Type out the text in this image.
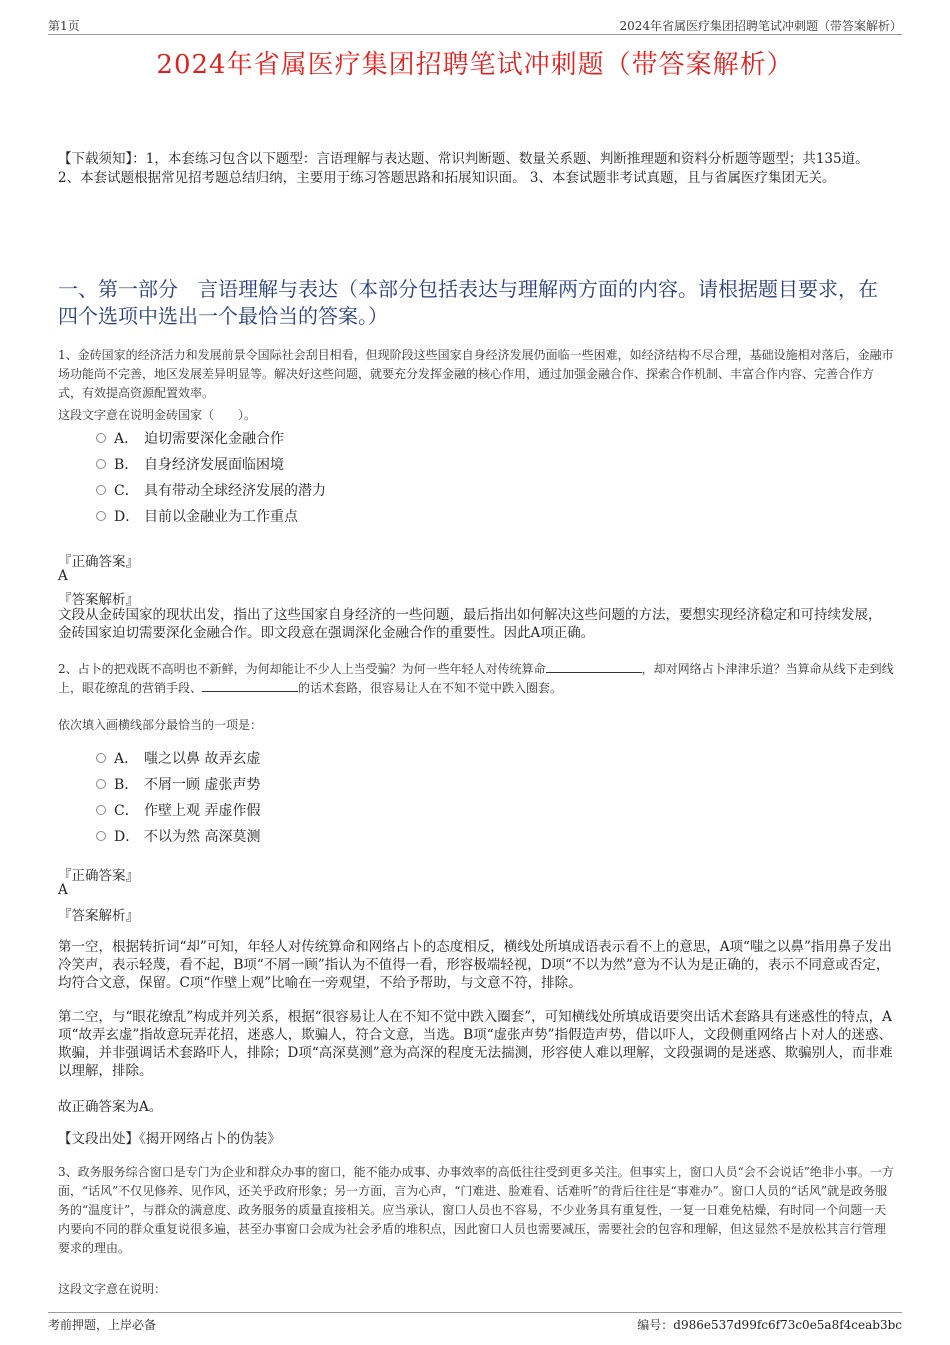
第1页	2024年省属医疗集团招聘笔试冲刺题（带答案解析）
2024年省属医疗集团招聘笔试冲刺题（带答案解析）
【下载须知】：1，本套练习包含以下题型：言语理解与表达题、常识判断题、数量关系题、判断推理题和资料分析题等题型；共135道。 2、本套试题根据常见招考题总结归纳，主要用于练习答题思路和拓展知识面。 3、本套试题非考试真题，且与省属医疗集团无关。
一、第一部分　言语理解与表达（本部分包括表达与理解两方面的内容。请根据题目要求，在四个选项中选出一个最恰当的答案。）
1、金砖国家的经济活力和发展前景令国际社会刮目相看，但现阶段这些国家自身经济发展仍面临一些困难，如经济结构不尽合理，基础设施相对落后，金融市场功能尚不完善，地区发展差异明显等。解决好这些问题，就要充分发挥金融的核心作用，通过加强金融合作、探索合作机制、丰富合作内容、完善合作方式，有效提高资源配置效率。
这段文字意在说明金砖国家（　　）。
A． 迫切需要深化金融合作
B． 自身经济发展面临困境
C． 具有带动全球经济发展的潜力
D． 目前以金融业为工作重点
『正确答案』
A
『答案解析』
文段从金砖国家的现状出发，指出了这些国家自身经济的一些问题，最后指出如何解决这些问题的方法，要想实现经济稳定和可持续发展，金砖国家迫切需要深化金融合作。即文段意在强调深化金融合作的重要性。因此A项正确。
2、占卜的把戏既不高明也不新鲜，为何却能让不少人上当受骗？为何一些年轻人对传统算命	，却对网络占卜津津乐道？当算命从线下走到线上，眼花缭乱的营销手段、	的话术套路，很容易让人在不知不觉中跌入圈套。
依次填入画横线部分最恰当的一项是：
A． 嗤之以鼻 故弄玄虚
B． 不屑一顾 虚张声势
C． 作壁上观 弄虚作假
D． 不以为然 高深莫测
『正确答案』
A
『答案解析』
第一空，根据转折词“却”可知，年轻人对传统算命和网络占卜的态度相反，横线处所填成语表示看不上的意思，A项“嗤之以鼻”指用鼻子发出冷笑声，表示轻蔑，看不起，B项“不屑一顾”指认为不值得一看，形容极端轻视，D项“不以为然”意为不认为是正确的，表示不同意或否定，均符合文意，保留。C项“作壁上观”比喻在一旁观望，不给予帮助，与文意不符，排除。
第二空，与“眼花缭乱”构成并列关系，根据“很容易让人在不知不觉中跌入圈套”，可知横线处所填成语要突出话术套路具有迷惑性的特点，A项“故弄玄虚”指故意玩弄花招，迷惑人，欺骗人，符合文意，当选。B项“虚张声势”指假造声势，借以吓人，文段侧重网络占卜对人的迷惑、欺骗，并非强调话术套路吓人，排除；D项“高深莫测”意为高深的程度无法揣测，形容使人难以理解，文段强调的是迷惑、欺骗别人，而非难以理解，排除。
故正确答案为A。
【文段出处】《揭开网络占卜的伪装》
3、政务服务综合窗口是专门为企业和群众办事的窗口，能不能办成事、办事效率的高低往往受到更多关注。但事实上，窗口人员“会不会说话”绝非小事。一方面，“话风”不仅见修养、见作风，还关乎政府形象；另一方面，言为心声，“门难进、脸难看、话难听”的背后往往是“事难办”。窗口人员的“话风”就是政务服务的“温度计”，与群众的满意度、政务服务的质量直接相关。应当承认，窗口人员也不容易，不少业务具有重复性，一复一日难免枯燥，有时同一个问题一天内要向不同的群众重复说很多遍，甚至办事窗口会成为社会矛盾的堆积点，因此窗口人员也需要减压，需要社会的包容和理解，但这显然不是放松其言行管理要求的理由。
这段文字意在说明：
考前押题，上岸必备	编号：d986e537d99fc6f73c0e5a8f4ceab3bc
